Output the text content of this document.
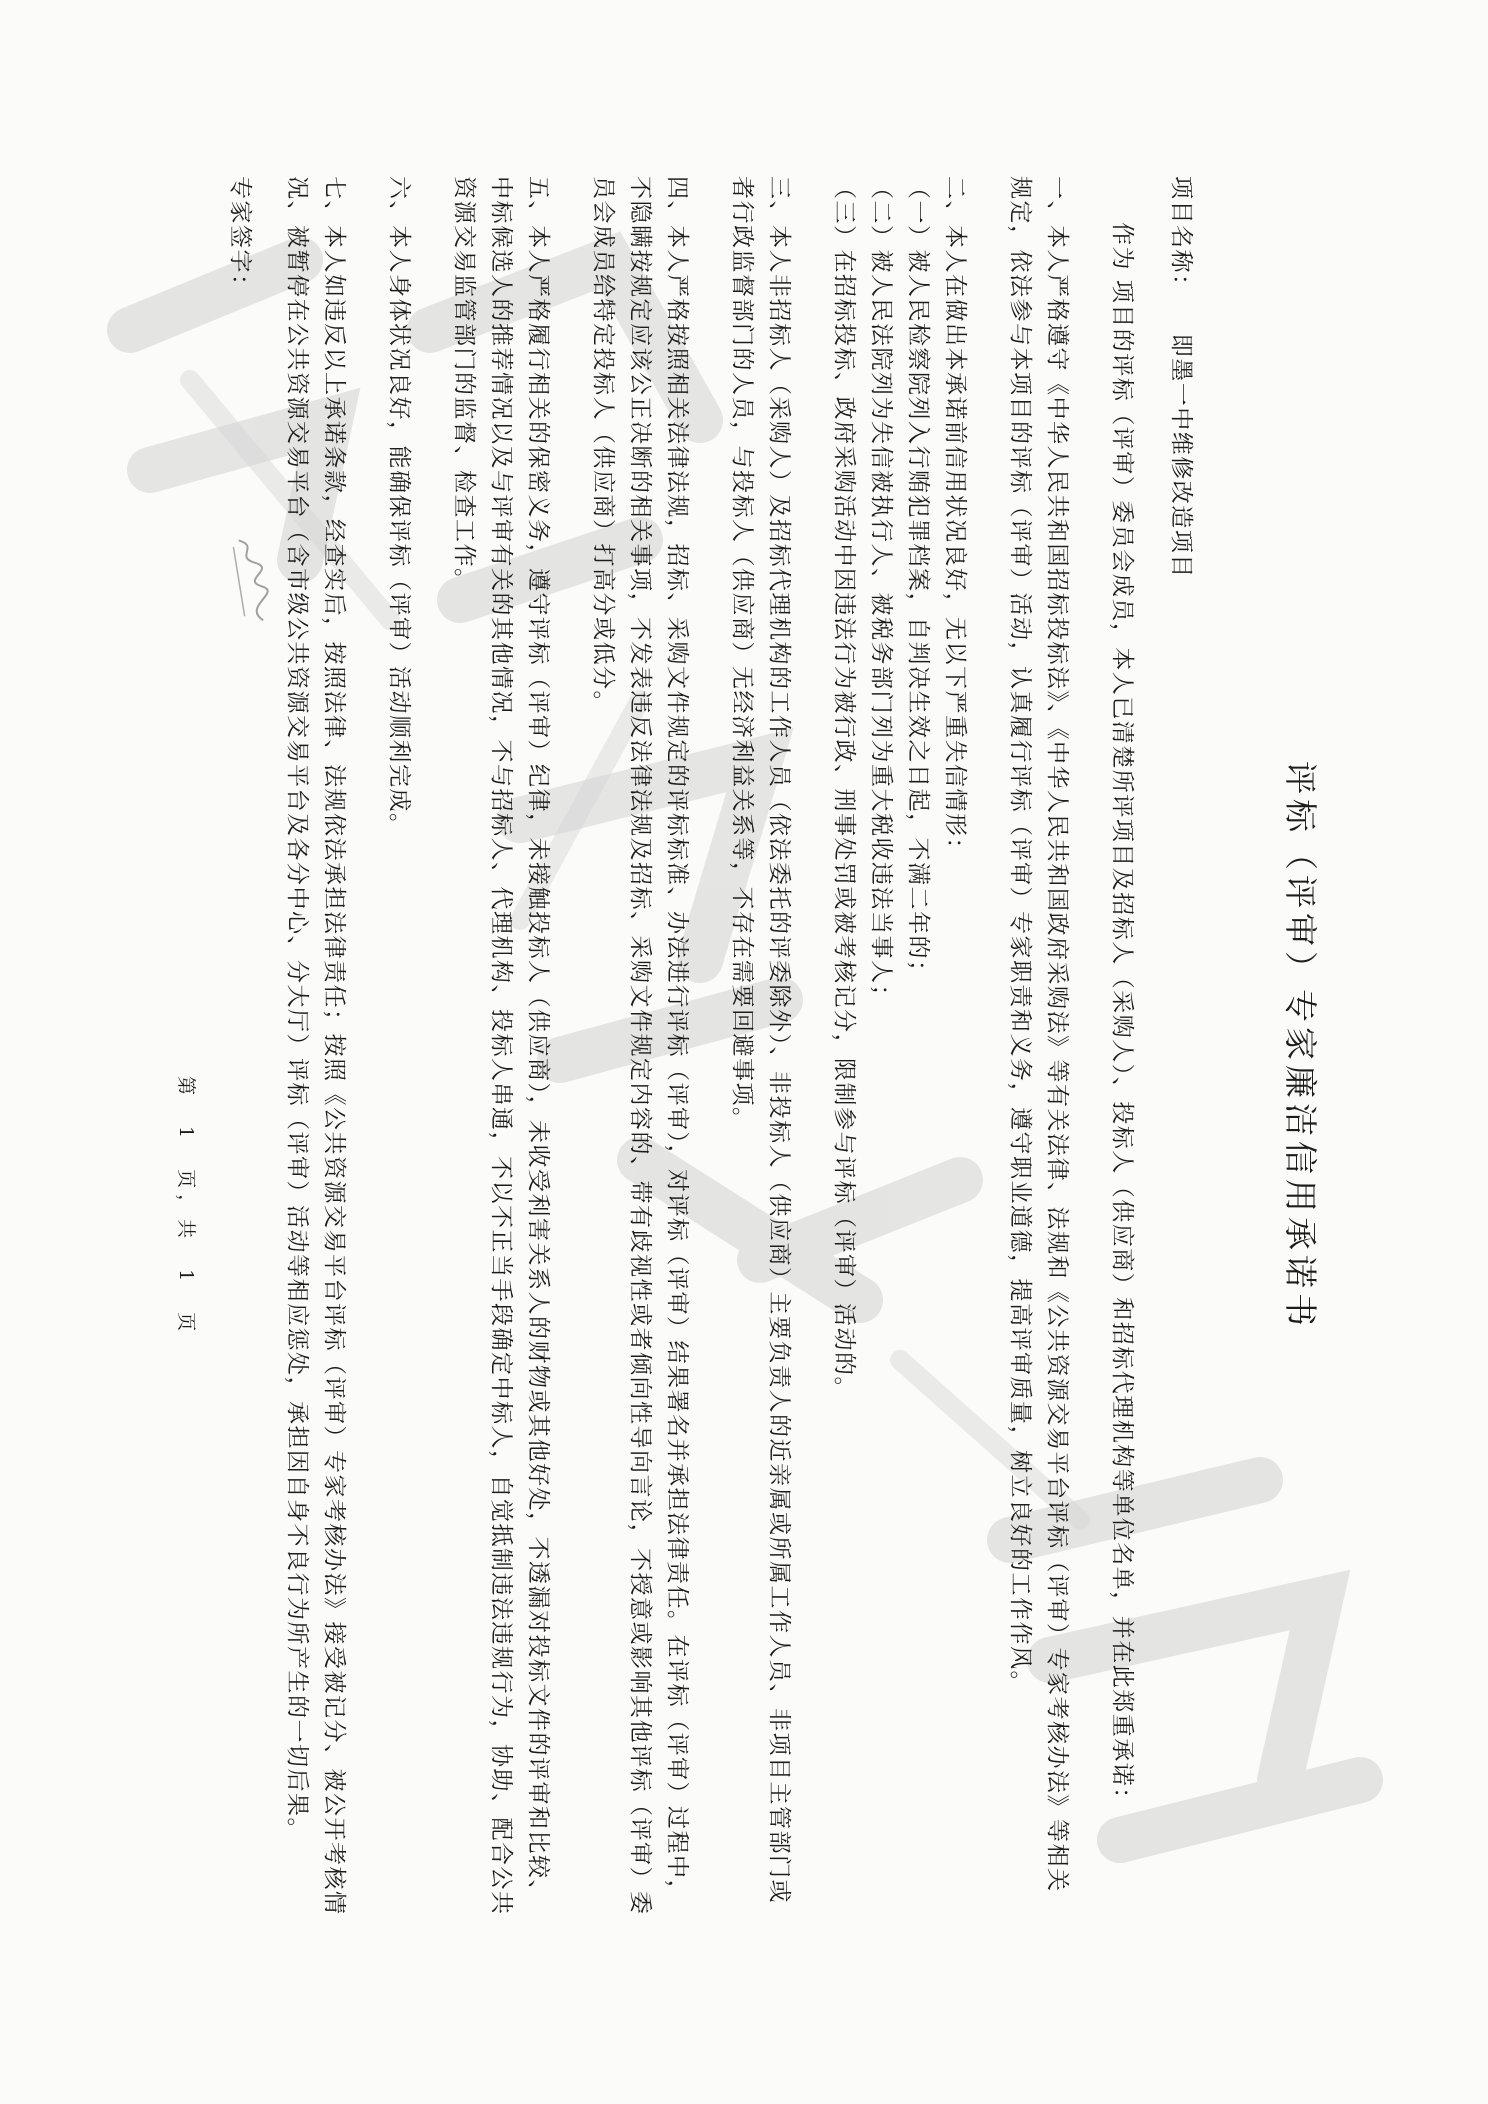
评标（评审）专家廉洁信用承诺书
项目名称：    即墨一中维修改造项目

作为 项目的评标（评审）委员会成员，本人已清楚所评项目及招标人（采购人）、投标人（供应商）和招标代理机构等单位名单，并在此郑重承诺：

一、本人严格遵守《中华人民共和国招标投标法》、《中华人民共和国政府采购法》等有关法律、法规和《公共资源交易平台评标（评审）专家考核办法》等相关规定，依法参与本项目的评标（评审）活动，认真履行评标（评审）专家职责和义务，遵守职业道德，提高评审质量，树立良好的工作作风。
二、本人在做出本承诺前信用状况良好，无以下严重失信情形：
（一）被人民检察院列入行贿犯罪档案，自判决生效之日起，不满二年的；
（二）被人民法院列为失信被执行人、被税务部门列为重大税收违法当事人；
（三）在招标投标、政府采购活动中因违法行为被行政、刑事处罚或被考核记分，限制参与评标（评审）活动的。
三、本人非招标人（采购人）及招标代理机构的工作人员（依法委托的评委除外）、非投标人（供应商）主要负责人的近亲属或所属工作人员、非项目主管部门或者行政监督部门的人员，与投标人（供应商）无经济利益关系等，不存在需要回避事项。
四、本人严格按照相关法律法规，招标、采购文件规定的评标标准、办法进行评标（评审），对评标（评审）结果署名并承担法律责任。在评标（评审）过程中，不隐瞒按规定应该公正决断的相关事项，不发表违反法律法规及招标、采购文件规定内容的、带有歧视性或者倾向性导向言论，不授意或影响其他评标（评审）委员会成员给特定投标人（供应商）打高分或低分。
五、本人严格履行相关的保密义务，遵守评标（评审）纪律，未接触投标人（供应商），未收受利害关系人的财物或其他好处，不透漏对投标文件的评审和比较、中标候选人的推荐情况以及与评审有关的其他情况，不与招标人、代理机构、投标人串通，不以不正当手段确定中标人，自觉抵制违法违规行为，协助、配合公共资源交易监管部门的监督、检查工作。
六、本人身体状况良好，能确保评标（评审）活动顺利完成。
七、本人如违反以上承诺条款，经查实后，按照法律、法规依法承担法律责任；按照《公共资源交易平台评标（评审）专家考核办法》接受被记分、被公开考核情况、被暂停在公共资源交易平台（含市级公共资源交易平台及各分中心、分大厅）评标（评审）活动等相应惩处，承担因自身不良行为所产生的一切后果。
专家签字：
第　1　页，共　1　页
